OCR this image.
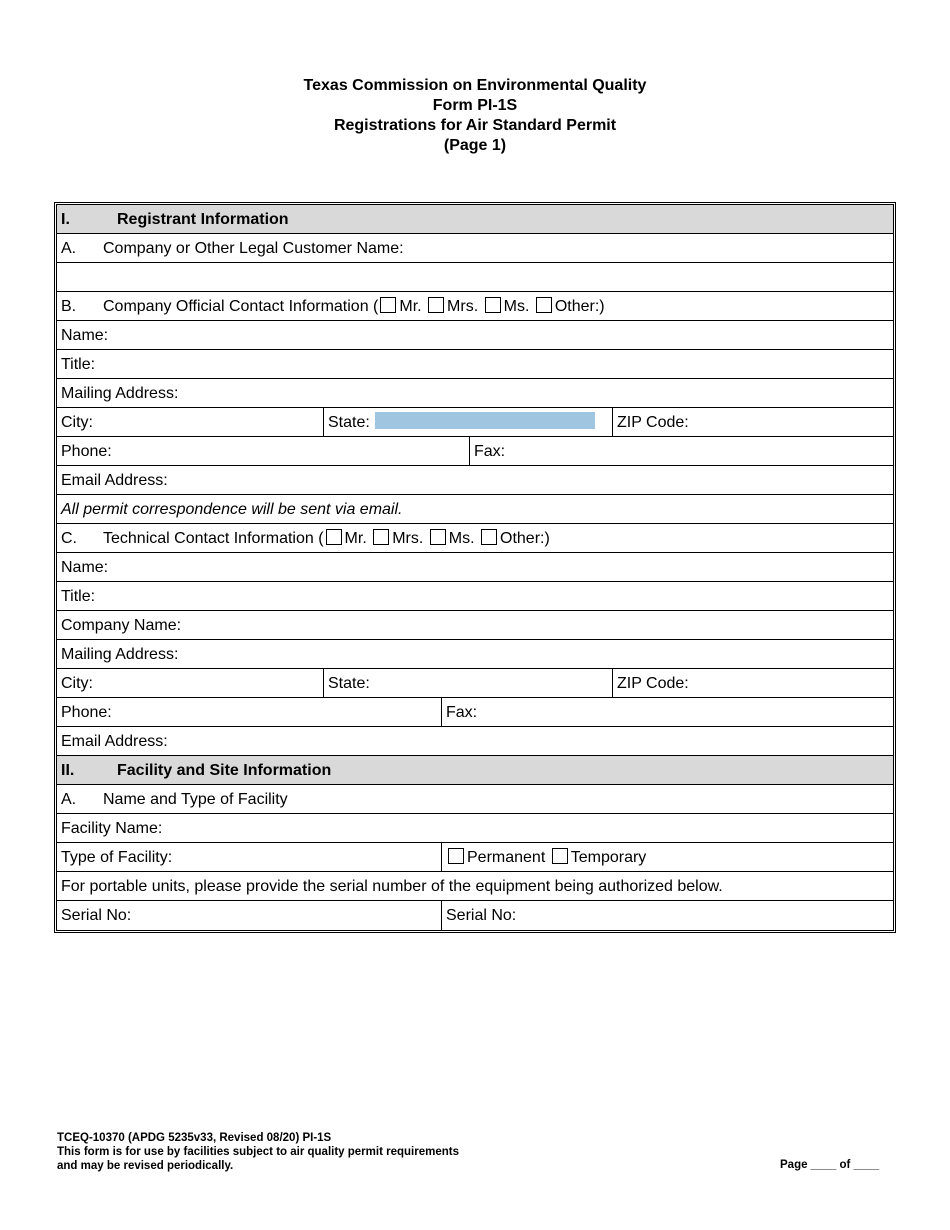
Texas Commission on Environmental Quality
Form PI-1S
Registrations for Air Standard Permit
(Page 1)
I.	Registrant Information
A. Company or Other Legal Customer Name:
B. Company Official Contact Information ( Mr. Mrs. Ms. Other:)
Name:
Title:
Mailing Address:
City:	State:	ZIP Code:
Phone:	Fax:
Email Address:
All permit correspondence will be sent via email.
C. Technical Contact Information ( Mr. Mrs. Ms. Other:)
Name:
Title:
Company Name:
Mailing Address:
City:	State:	ZIP Code:
Phone:	Fax:
Email Address:
II.	Facility and Site Information
A. Name and Type of Facility
Facility Name:
Type of Facility:	Permanent Temporary
For portable units, please provide the serial number of the equipment being authorized below.
Serial No:	Serial No:
TCEQ-10370 (APDG 5235v33, Revised 08/20) PI-1S
This form is for use by facilities subject to air quality permit requirements
and may be revised periodically.	Page ____ of ____
